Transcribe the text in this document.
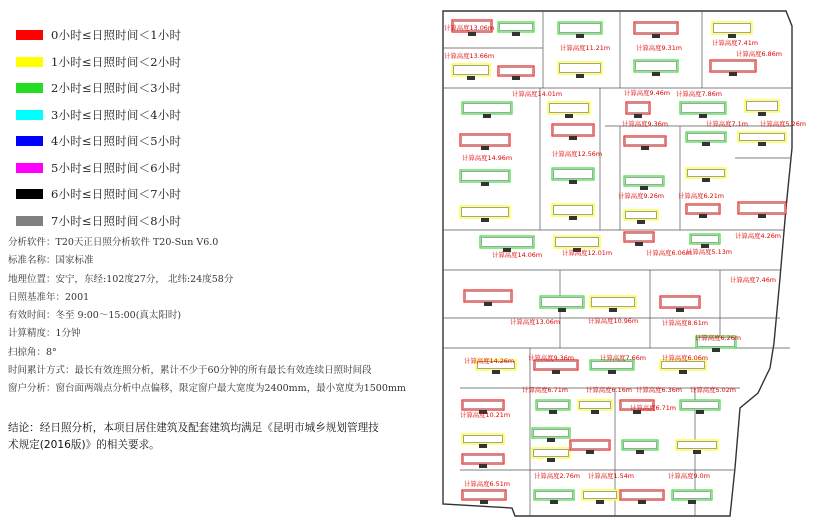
0小时≤日照时间＜1小时
1小时≤日照时间＜2小时
2小时≤日照时间＜3小时
3小时≤日照时间＜4小时
4小时≤日照时间＜5小时
5小时≤日照时间＜6小时
6小时≤日照时间＜7小时
7小时≤日照时间＜8小时
分析软件：T20天正日照分析软件 T20-Sun V6.0
标准名称：国家标准
地理位置：安宁，东经:102度27分， 北纬:24度58分
日照基准年：2001
有效时间：冬至 9:00～15:00(真太阳时)
计算精度：1分钟
扫掠角：8°
时间累计方式：最长有效连照分析，累计不少于60分钟的所有最长有效连续日照时间段
窗户分析：窗台面两端点分析中点偏移，限定窗户最大宽度为2400mm，最小宽度为1500mm
结论：经日照分析，本项目居住建筑及配套建筑均满足《昆明市城乡规划管理技
术规定(2016版)》的相关要求。
计算高度13.06m
计算高度11.21m	计算高度9.31m
计算高度7.41m
计算高度13.66m	计算高度6.86m
计算高度14.01m	计算高度9.46m 计算高度7.86m
计算高度9.36m	计算高度7.1m 计算高度5.26m
计算高度14.96m	计算高度12.56m
计算高度9.26m 计算高度6.21m
计算高度4.26m
计算高度6.06m
计算高度5.13m
计算高度14.06m	计算高度12.01m
计算高度7.46m
计算高度13.06m	计算高度10.96m	计算高度8.61m
计算高度6.26m
计算高度14.26m 计算高度9.36m	计算高度7.66m 计算高度6.06m
计算高度6.71m	计算高度6.16m 计算高度6.36m 计算高度5.02m
计算高度10.21m
计算高度6.71m
计算高度6.51m
计算高度2.76m 计算高度1.54m	计算高度9.0m
